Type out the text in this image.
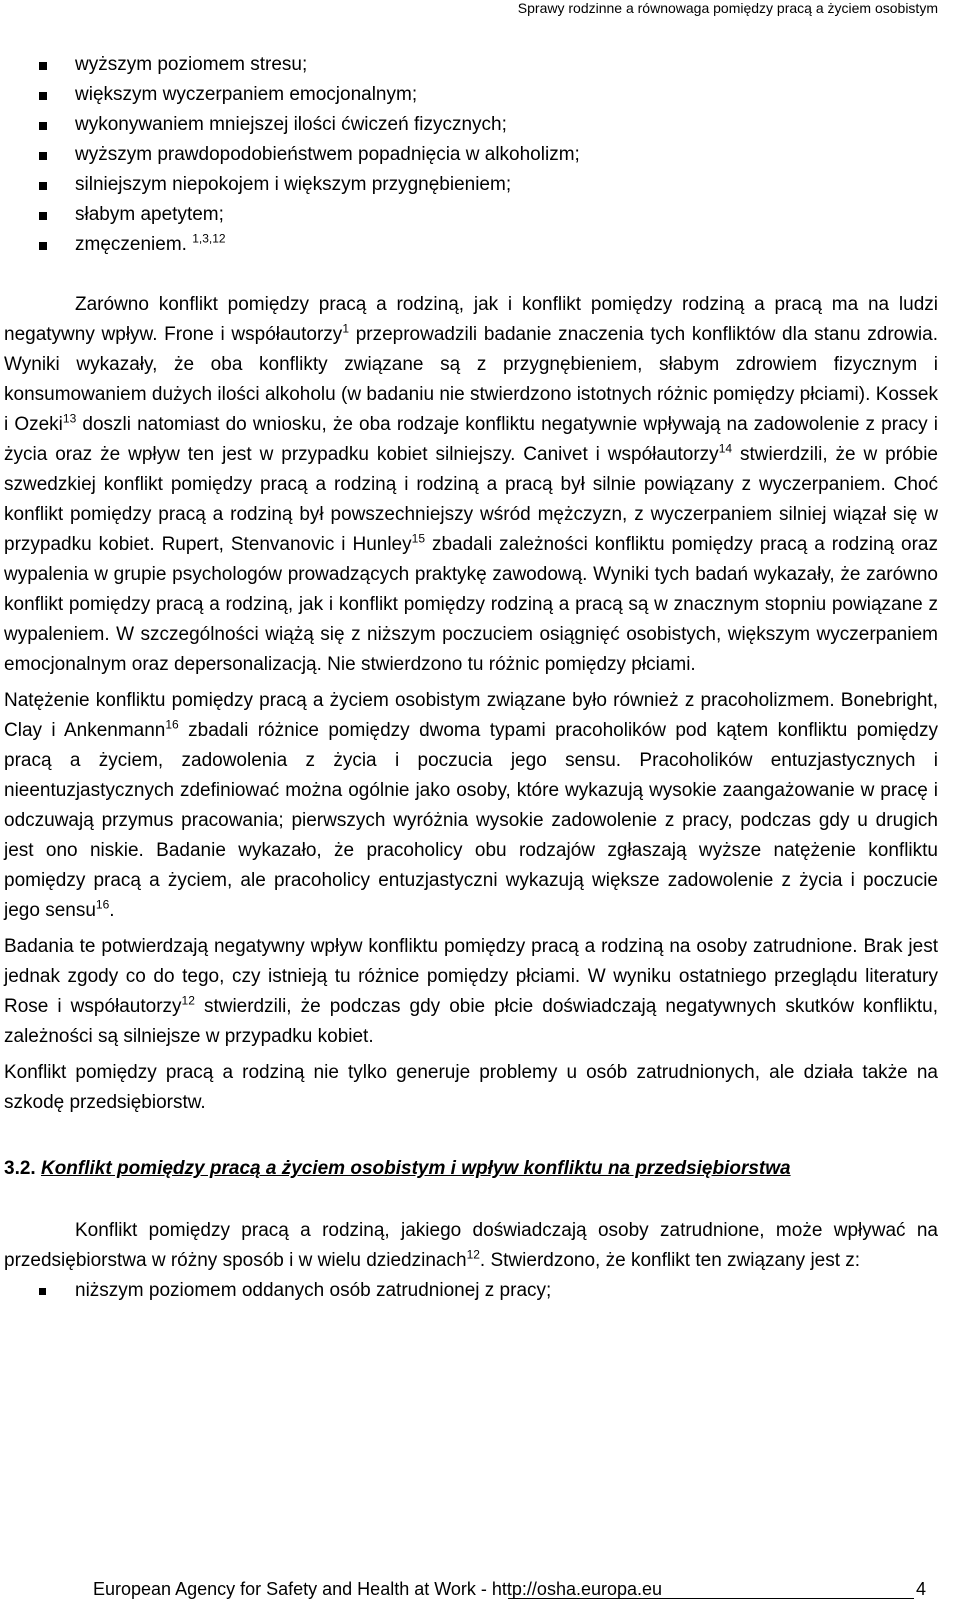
Sprawy rodzinne a równowaga pomiędzy pracą a życiem osobistym
wyższym poziomem stresu;
większym wyczerpaniem emocjonalnym;
wykonywaniem mniejszej ilości ćwiczeń fizycznych;
wyższym prawdopodobieństwem popadnięcia w alkoholizm;
silniejszym niepokojem i większym przygnębieniem;
słabym apetytem;
zmęczeniem. $^{1,3,12}$

Zarówno konflikt pomiędzy pracą a rodziną, jak i konflikt pomiędzy rodziną a pracą ma na ludzi negatywny wpływ. Frone i współautorzy$^1$ przeprowadzili badanie znaczenia tych konfliktów dla stanu zdrowia. Wyniki wykazały, że oba konflikty związane są z przygnębieniem, słabym zdrowiem fizycznym i konsumowaniem dużych ilości alkoholu (w badaniu nie stwierdzono istotnych różnic pomiędzy płciami). Kossek i Ozeki$^{13}$ doszli natomiast do wniosku, że oba rodzaje konfliktu negatywnie wpływają na zadowolenie z pracy i życia oraz że wpływ ten jest w przypadku kobiet silniejszy. Canivet i współautorzy$^{14}$ stwierdzili, że w próbie szwedzkiej konflikt pomiędzy pracą a rodziną i rodziną a pracą był silnie powiązany z wyczerpaniem. Choć konflikt pomiędzy pracą a rodziną był powszechniejszy wśród mężczyzn, z wyczerpaniem silniej wiązał się w przypadku kobiet. Rupert, Stenvanovic i Hunley$^{15}$ zbadali zależności konfliktu pomiędzy pracą a rodziną oraz wypalenia w grupie psychologów prowadzących praktykę zawodową. Wyniki tych badań wykazały, że zarówno konflikt pomiędzy pracą a rodziną, jak i konflikt pomiędzy rodziną a pracą są w znacznym stopniu powiązane z wypaleniem. W szczególności wiążą się z niższym poczuciem osiągnięć osobistych, większym wyczerpaniem emocjonalnym oraz depersonalizacją. Nie stwierdzono tu różnic pomiędzy płciami.

Natężenie konfliktu pomiędzy pracą a życiem osobistym związane było również z pracoholizmem. Bonebright, Clay i Ankenmann$^{16}$ zbadali różnice pomiędzy dwoma typami pracoholików pod kątem konfliktu pomiędzy pracą a życiem, zadowolenia z życia i poczucia jego sensu. Pracoholików entuzjastycznych i nieentuzjastycznych zdefiniować można ogólnie jako osoby, które wykazują wysokie zaangażowanie w pracę i odczuwają przymus pracowania; pierwszych wyróżnia wysokie zadowolenie z pracy, podczas gdy u drugich jest ono niskie. Badanie wykazało, że pracoholicy obu rodzajów zgłaszają wyższe natężenie konfliktu pomiędzy pracą a życiem, ale pracoholicy entuzjastyczni wykazują większe zadowolenie z życia i poczucie jego sensu$^{16}$.

Badania te potwierdzają negatywny wpływ konfliktu pomiędzy pracą a rodziną na osoby zatrudnione. Brak jest jednak zgody co do tego, czy istnieją tu różnice pomiędzy płciami. W wyniku ostatniego przeglądu literatury Rose i współautorzy$^{12}$ stwierdzili, że podczas gdy obie płcie doświadczają negatywnych skutków konfliktu, zależności są silniejsze w przypadku kobiet.

Konflikt pomiędzy pracą a rodziną nie tylko generuje problemy u osób zatrudnionych, ale działa także na szkodę przedsiębiorstw.

3.2. Konflikt pomiędzy pracą a życiem osobistym i wpływ konfliktu na przedsiębiorstwa

Konflikt pomiędzy pracą a rodziną, jakiego doświadczają osoby zatrudnione, może wpływać na przedsiębiorstwa w różny sposób i w wielu dziedzinach$^{12}$. Stwierdzono, że konflikt ten związany jest z:

niższym poziomem oddanych osób zatrudnionej z pracy;
European Agency for Safety and Health at Work - http://osha.europa.eu	4
